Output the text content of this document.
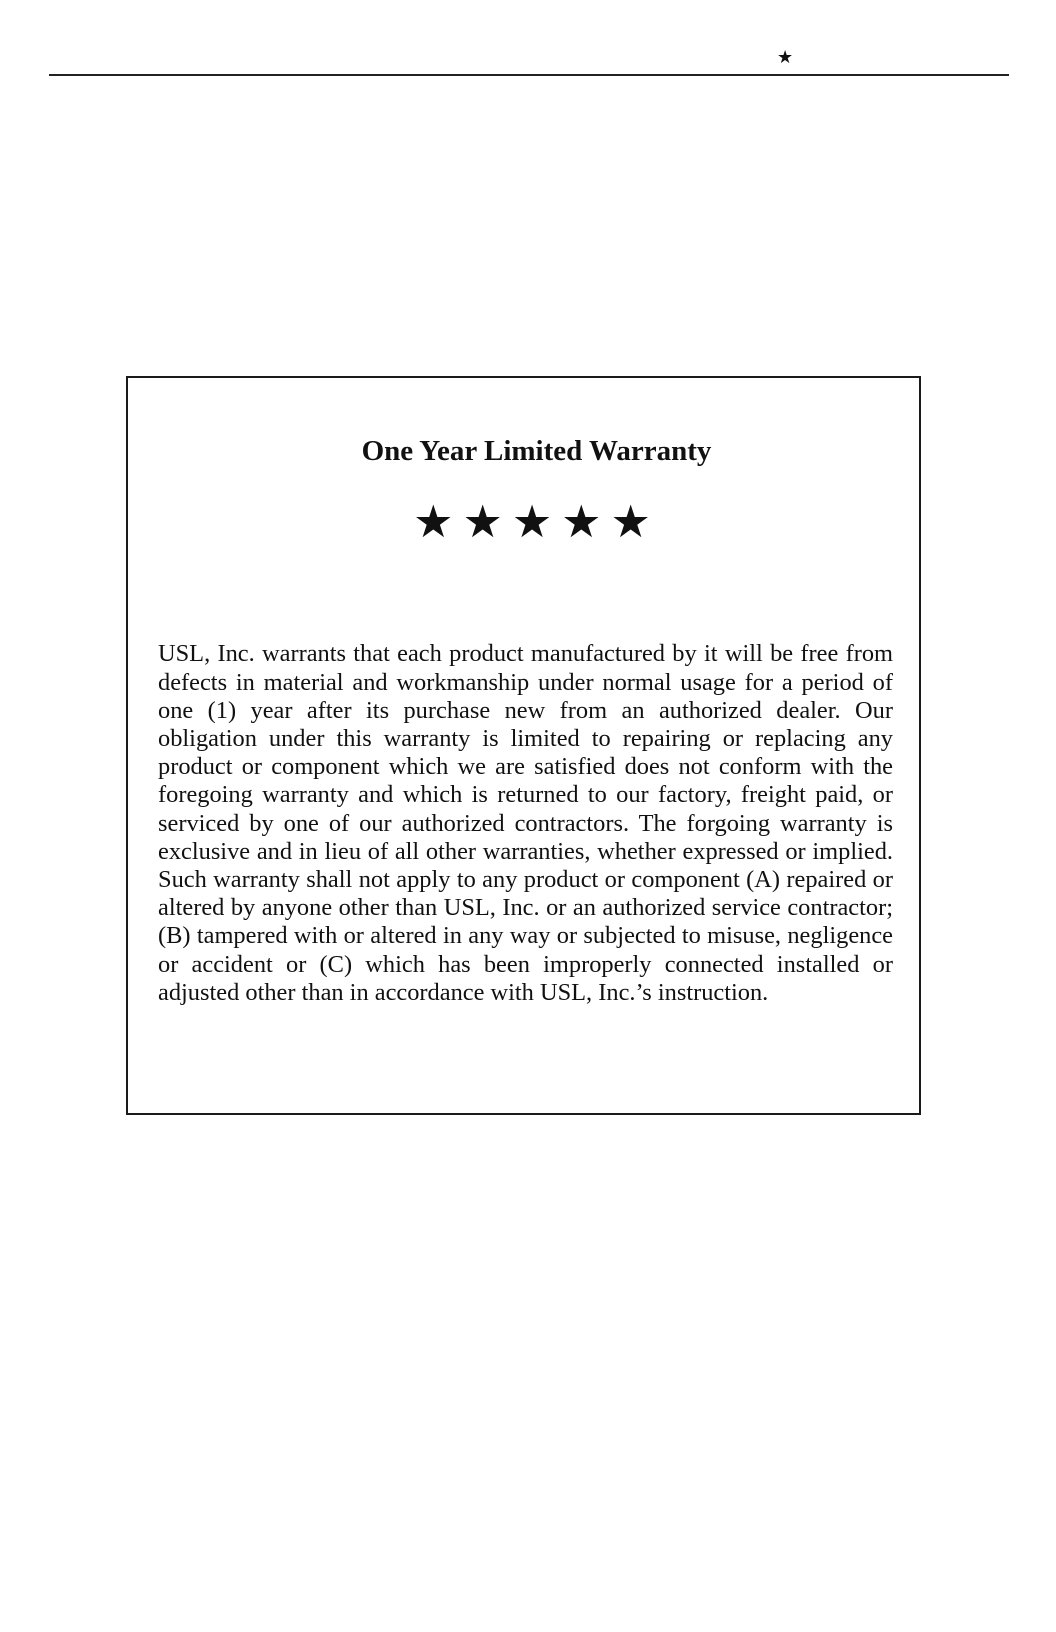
★
One Year Limited Warranty
★★★★★

USL, Inc. warrants that each product manufactured by it will be free from defects in material and workmanship under normal usage for a period of one (1) year after its purchase new from an authorized dealer. Our obligation under this warranty is limited to repairing or replacing any product or component which we are satisfied does not conform with the foregoing warranty and which is returned to our factory, freight paid, or serviced by one of our authorized contractors. The forgoing warranty is exclusive and in lieu of all other warranties, whether expressed or implied. Such warranty shall not apply to any product or component (A) repaired or altered by anyone other than USL, Inc. or an authorized service contractor; (B) tampered with or altered in any way or subjected to misuse, negligence or accident or (C) which has been improperly connected installed or adjusted other than in accordance with USL, Inc.’s instruction.
